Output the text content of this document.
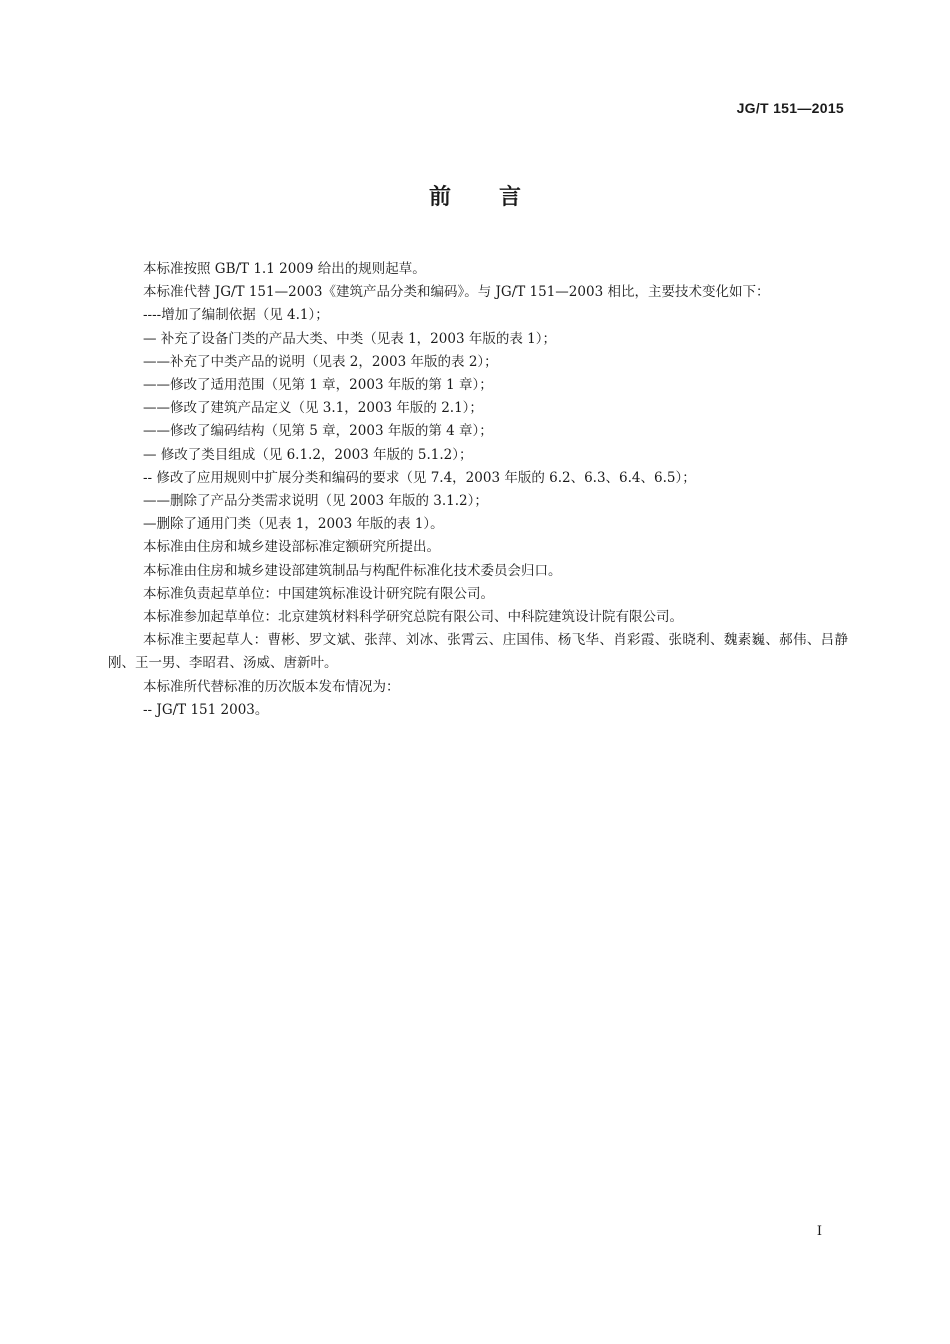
JG/T 151—2015
前 言

本标准按照 GB/T 1.1 2009 给出的规则起草。

本标准代替 JG/T 151—2003《建筑产品分类和编码》。与 JG/T 151—2003 相比，主要技术变化如下：

----增加了编制依据（见 4.1）；

— 补充了设备门类的产品大类、中类（见表 1，2003 年版的表 1）；

——补充了中类产品的说明（见表 2，2003 年版的表 2）；

——修改了适用范围（见第 1 章，2003 年版的第 1 章）；

——修改了建筑产品定义（见 3.1，2003 年版的 2.1）；

——修改了编码结构（见第 5 章，2003 年版的第 4 章）；

— 修改了类目组成（见 6.1.2，2003 年版的 5.1.2）；

-- 修改了应用规则中扩展分类和编码的要求（见 7.4，2003 年版的 6.2、6.3、6.4、6.5）；

——删除了产品分类需求说明（见 2003 年版的 3.1.2）；

—删除了通用门类（见表 1，2003 年版的表 1）。

本标准由住房和城乡建设部标准定额研究所提出。

本标准由住房和城乡建设部建筑制品与构配件标准化技术委员会归口。

本标准负责起草单位：中国建筑标准设计研究院有限公司。

本标准参加起草单位：北京建筑材料科学研究总院有限公司、中科院建筑设计院有限公司。

本标准主要起草人：曹彬、罗文斌、张萍、刘冰、张霄云、庄国伟、杨飞华、肖彩霞、张晓利、魏素巍、郝伟、吕静刚、王一男、李昭君、汤威、唐新叶。

本标准所代替标准的历次版本发布情况为：

-- JG/T 151 2003。

I
